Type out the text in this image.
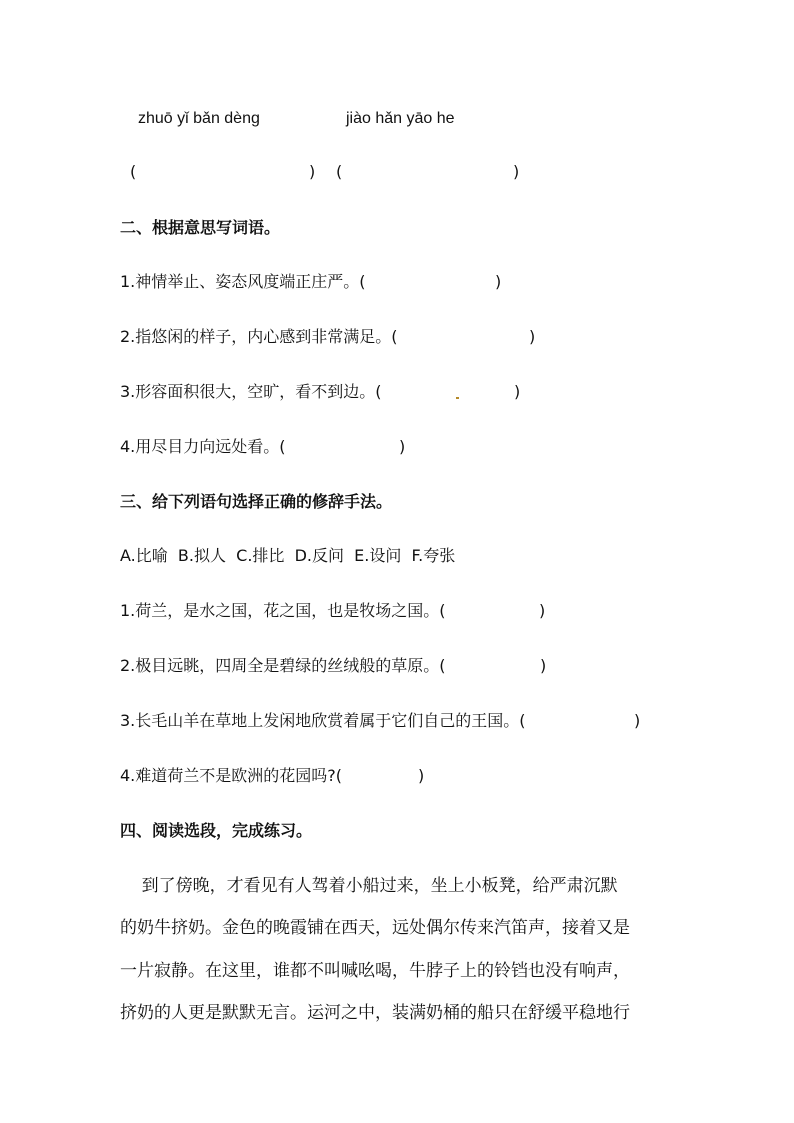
zhuō yǐ bǎn dèng	jiào hǎn yāo he
(	) (	)
二、根据意思写词语。
1.神情举止、姿态风度端正庄严。(	)
2.指悠闲的样子，内心感到非常满足。(	)
3.形容面积很大，空旷，看不到边。(	)
4.用尽目力向远处看。(	)
三、给下列语句选择正确的修辞手法。
A.比喻  B.拟人  C.排比  D.反问  E.设问  F.夸张
1.荷兰，是水之国，花之国，也是牧场之国。(	)
2.极目远眺，四周全是碧绿的丝绒般的草原。(	)
3.长毛山羊在草地上发闲地欣赏着属于它们自己的王国。(	)
4.难道荷兰不是欧洲的花园吗?(	)
四、阅读选段，完成练习。
到了傍晚，才看见有人驾着小船过来，坐上小板凳，给严肃沉默
的奶牛挤奶。金色的晚霞铺在西天，远处偶尔传来汽笛声，接着又是
一片寂静。在这里，谁都不叫喊吆喝，牛脖子上的铃铛也没有响声，
挤奶的人更是默默无言。运河之中，装满奶桶的船只在舒缓平稳地行
